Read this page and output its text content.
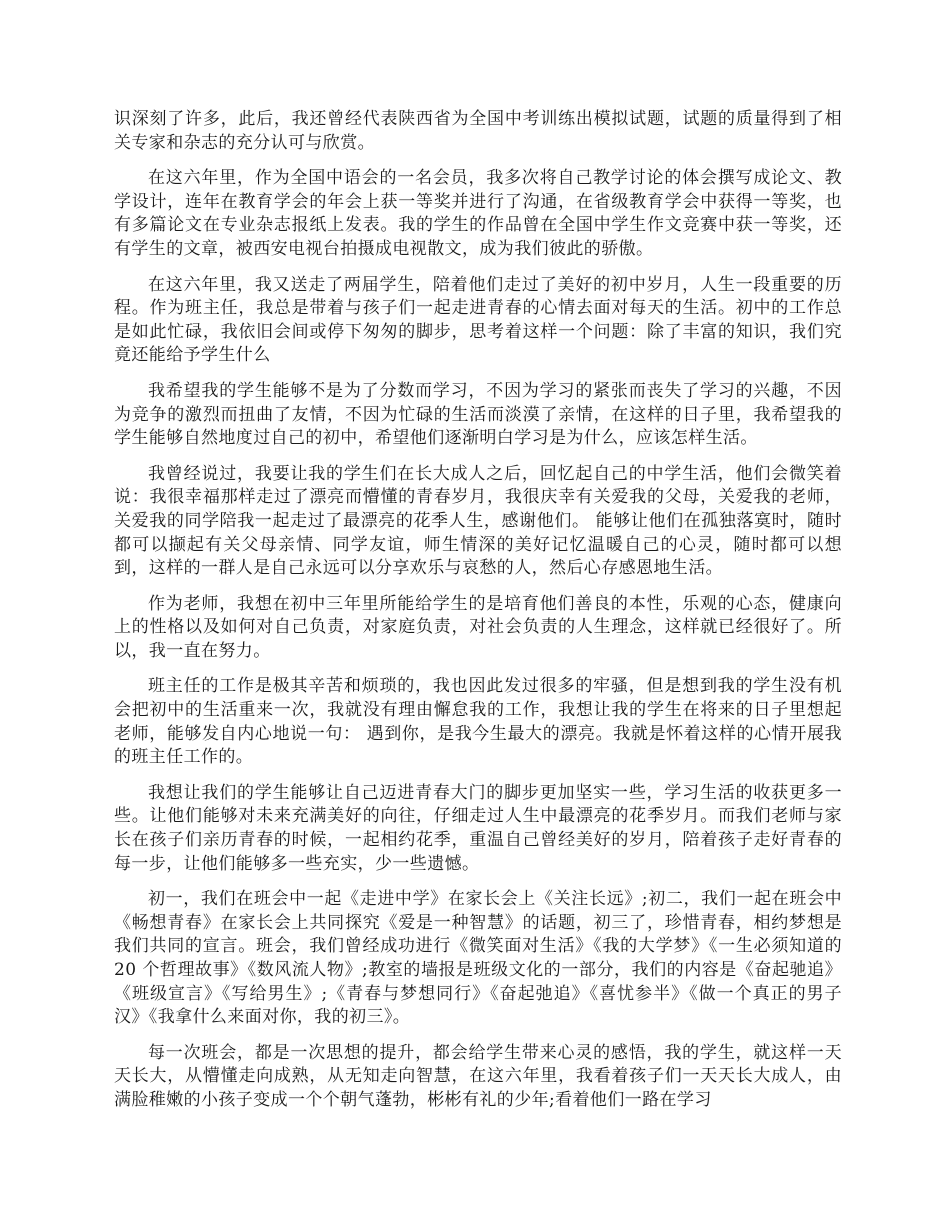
识深刻了许多，此后，我还曾经代表陕西省为全国中考训练出模拟试题，试题的质量得到了相关专家和杂志的充分认可与欣赏。

在这六年里，作为全国中语会的一名会员，我多次将自己教学讨论的体会撰写成论文、教学设计，连年在教育学会的年会上获一等奖并进行了沟通，在省级教育学会中获得一等奖，也有多篇论文在专业杂志报纸上发表。我的学生的作品曾在全国中学生作文竞赛中获一等奖，还有学生的文章，被西安电视台拍摄成电视散文，成为我们彼此的骄傲。

在这六年里，我又送走了两届学生，陪着他们走过了美好的初中岁月，人生一段重要的历程。作为班主任，我总是带着与孩子们一起走进青春的心情去面对每天的生活。初中的工作总是如此忙碌，我依旧会间或停下匆匆的脚步，思考着这样一个问题：除了丰富的知识，我们究竟还能给予学生什么

我希望我的学生能够不是为了分数而学习，不因为学习的紧张而丧失了学习的兴趣，不因为竞争的激烈而扭曲了友情，不因为忙碌的生活而淡漠了亲情，在这样的日子里，我希望我的学生能够自然地度过自己的初中，希望他们逐渐明白学习是为什么，应该怎样生活。

我曾经说过，我要让我的学生们在长大成人之后，回忆起自己的中学生活，他们会微笑着说：我很幸福那样走过了漂亮而懵懂的青春岁月，我很庆幸有关爱我的父母，关爱我的老师，关爱我的同学陪我一起走过了最漂亮的花季人生，感谢他们。 能够让他们在孤独落寞时，随时都可以撷起有关父母亲情、同学友谊，师生情深的美好记忆温暖自己的心灵，随时都可以想到，这样的一群人是自己永远可以分享欢乐与哀愁的人，然后心存感恩地生活。

作为老师，我想在初中三年里所能给学生的是培育他们善良的本性，乐观的心态，健康向上的性格以及如何对自己负责，对家庭负责，对社会负责的人生理念，这样就已经很好了。所以，我一直在努力。

班主任的工作是极其辛苦和烦琐的，我也因此发过很多的牢骚，但是想到我的学生没有机会把初中的生活重来一次，我就没有理由懈怠我的工作，我想让我的学生在将来的日子里想起老师，能够发自内心地说一句： 遇到你，是我今生最大的漂亮。我就是怀着这样的心情开展我的班主任工作的。

我想让我们的学生能够让自己迈进青春大门的脚步更加坚实一些，学习生活的收获更多一些。让他们能够对未来充满美好的向往，仔细走过人生中最漂亮的花季岁月。而我们老师与家长在孩子们亲历青春的时候，一起相约花季，重温自己曾经美好的岁月，陪着孩子走好青春的每一步，让他们能够多一些充实，少一些遗憾。

初一，我们在班会中一起《走进中学》在家长会上《关注长远》;初二，我们一起在班会中《畅想青春》在家长会上共同探究《爱是一种智慧》的话题，初三了，珍惜青春，相约梦想是我们共同的宣言。班会，我们曾经成功进行《微笑面对生活》《我的大学梦》《一生必须知道的 20 个哲理故事》《数风流人物》;教室的墙报是班级文化的一部分，我们的内容是《奋起驰追》《班级宣言》《写给男生》;《青春与梦想同行》《奋起弛追》《喜忧参半》《做一个真正的男子汉》《我拿什么来面对你，我的初三》。

每一次班会，都是一次思想的提升，都会给学生带来心灵的感悟，我的学生，就这样一天天长大，从懵懂走向成熟，从无知走向智慧，在这六年里，我看着孩子们一天天长大成人，由满脸稚嫩的小孩子变成一个个朝气蓬勃，彬彬有礼的少年;看着他们一路在学习
